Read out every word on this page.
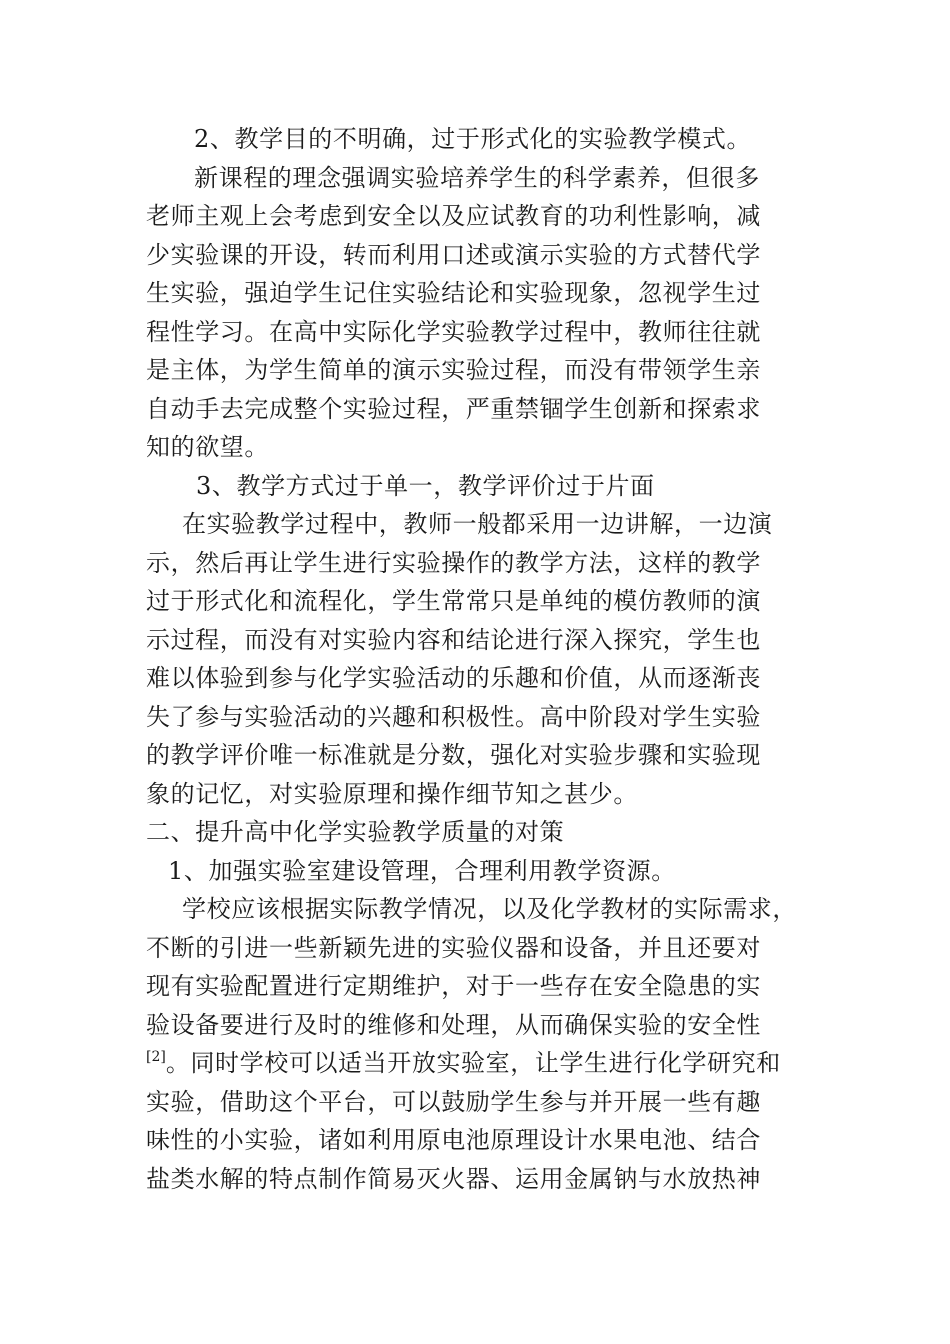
2、教学目的不明确，过于形式化的实验教学模式。
新课程的理念强调实验培养学生的科学素养，但很多
老师主观上会考虑到安全以及应试教育的功利性影响，减
少实验课的开设，转而利用口述或演示实验的方式替代学
生实验，强迫学生记住实验结论和实验现象，忽视学生过
程性学习。在高中实际化学实验教学过程中，教师往往就
是主体，为学生简单的演示实验过程，而没有带领学生亲
自动手去完成整个实验过程，严重禁锢学生创新和探索求
知的欲望。
3、教学方式过于单一，教学评价过于片面
在实验教学过程中，教师一般都采用一边讲解，一边演
示，然后再让学生进行实验操作的教学方法，这样的教学
过于形式化和流程化，学生常常只是单纯的模仿教师的演
示过程，而没有对实验内容和结论进行深入探究，学生也
难以体验到参与化学实验活动的乐趣和价值，从而逐渐丧
失了参与实验活动的兴趣和积极性。高中阶段对学生实验
的教学评价唯一标准就是分数，强化对实验步骤和实验现
象的记忆，对实验原理和操作细节知之甚少。
二、提升高中化学实验教学质量的对策
1、加强实验室建设管理，合理利用教学资源。
学校应该根据实际教学情况，以及化学教材的实际需求，
不断的引进一些新颖先进的实验仪器和设备，并且还要对
现有实验配置进行定期维护，对于一些存在安全隐患的实
验设备要进行及时的维修和处理，从而确保实验的安全性
[2]。同时学校可以适当开放实验室，让学生进行化学研究和
实验，借助这个平台，可以鼓励学生参与并开展一些有趣
味性的小实验，诸如利用原电池原理设计水果电池、结合
盐类水解的特点制作简易灭火器、运用金属钠与水放热神
